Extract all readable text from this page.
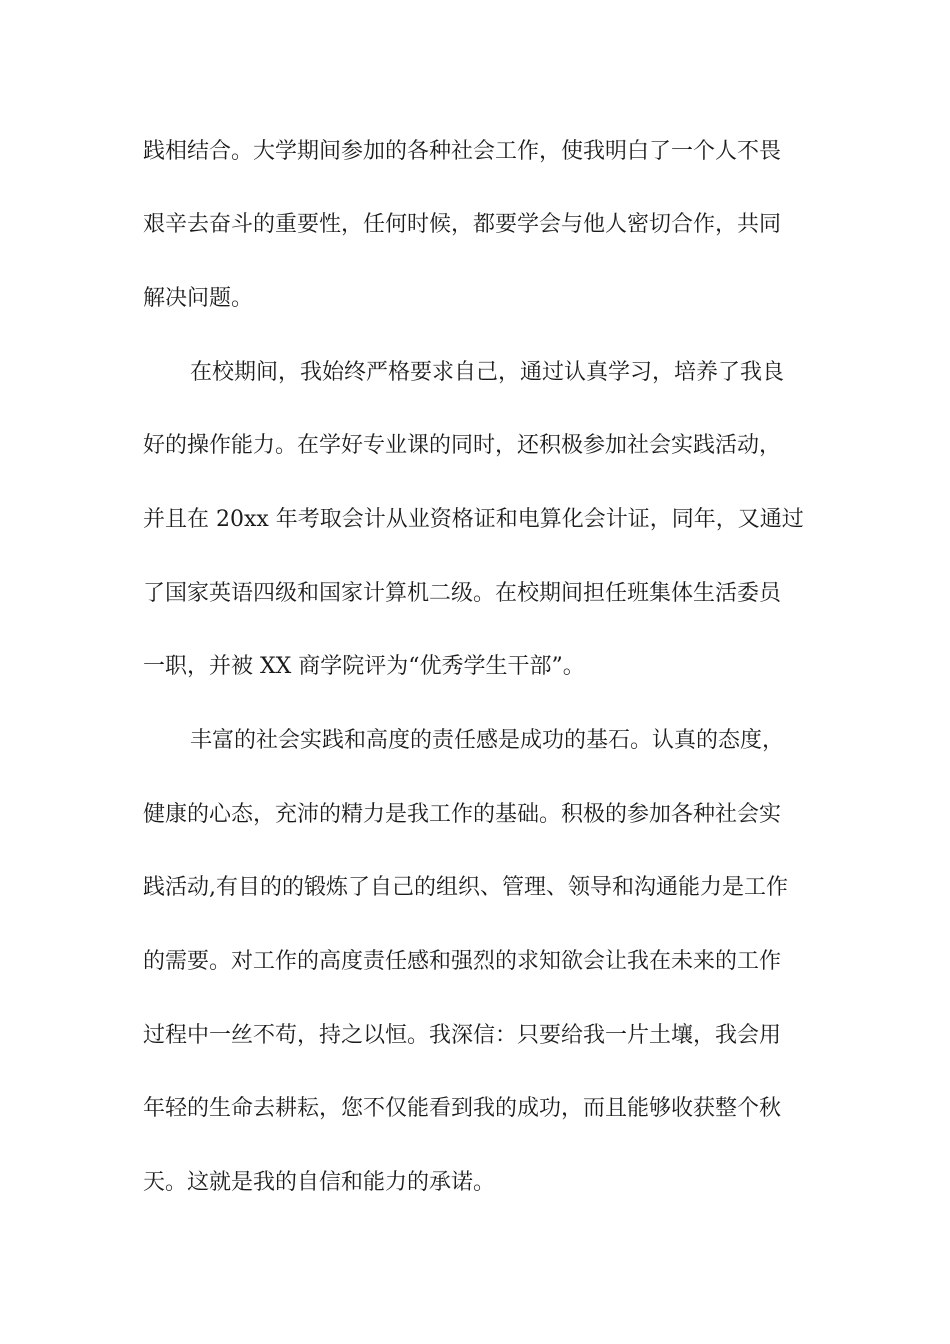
践相结合。大学期间参加的各种社会工作，使我明白了一个人不畏
艰辛去奋斗的重要性，任何时候，都要学会与他人密切合作，共同
解决问题。
在校期间，我始终严格要求自己，通过认真学习，培养了我良
好的操作能力。在学好专业课的同时，还积极参加社会实践活动，
并且在 20xx 年考取会计从业资格证和电算化会计证，同年，又通过
了国家英语四级和国家计算机二级。在校期间担任班集体生活委员
一职，并被 XX 商学院评为“优秀学生干部”。
丰富的社会实践和高度的责任感是成功的基石。认真的态度，
健康的心态，充沛的精力是我工作的基础。积极的参加各种社会实
践活动,有目的的锻炼了自己的组织、管理、领导和沟通能力是工作
的需要。对工作的高度责任感和强烈的求知欲会让我在未来的工作
过程中一丝不苟，持之以恒。我深信：只要给我一片土壤，我会用
年轻的生命去耕耘，您不仅能看到我的成功，而且能够收获整个秋
天。这就是我的自信和能力的承诺。
